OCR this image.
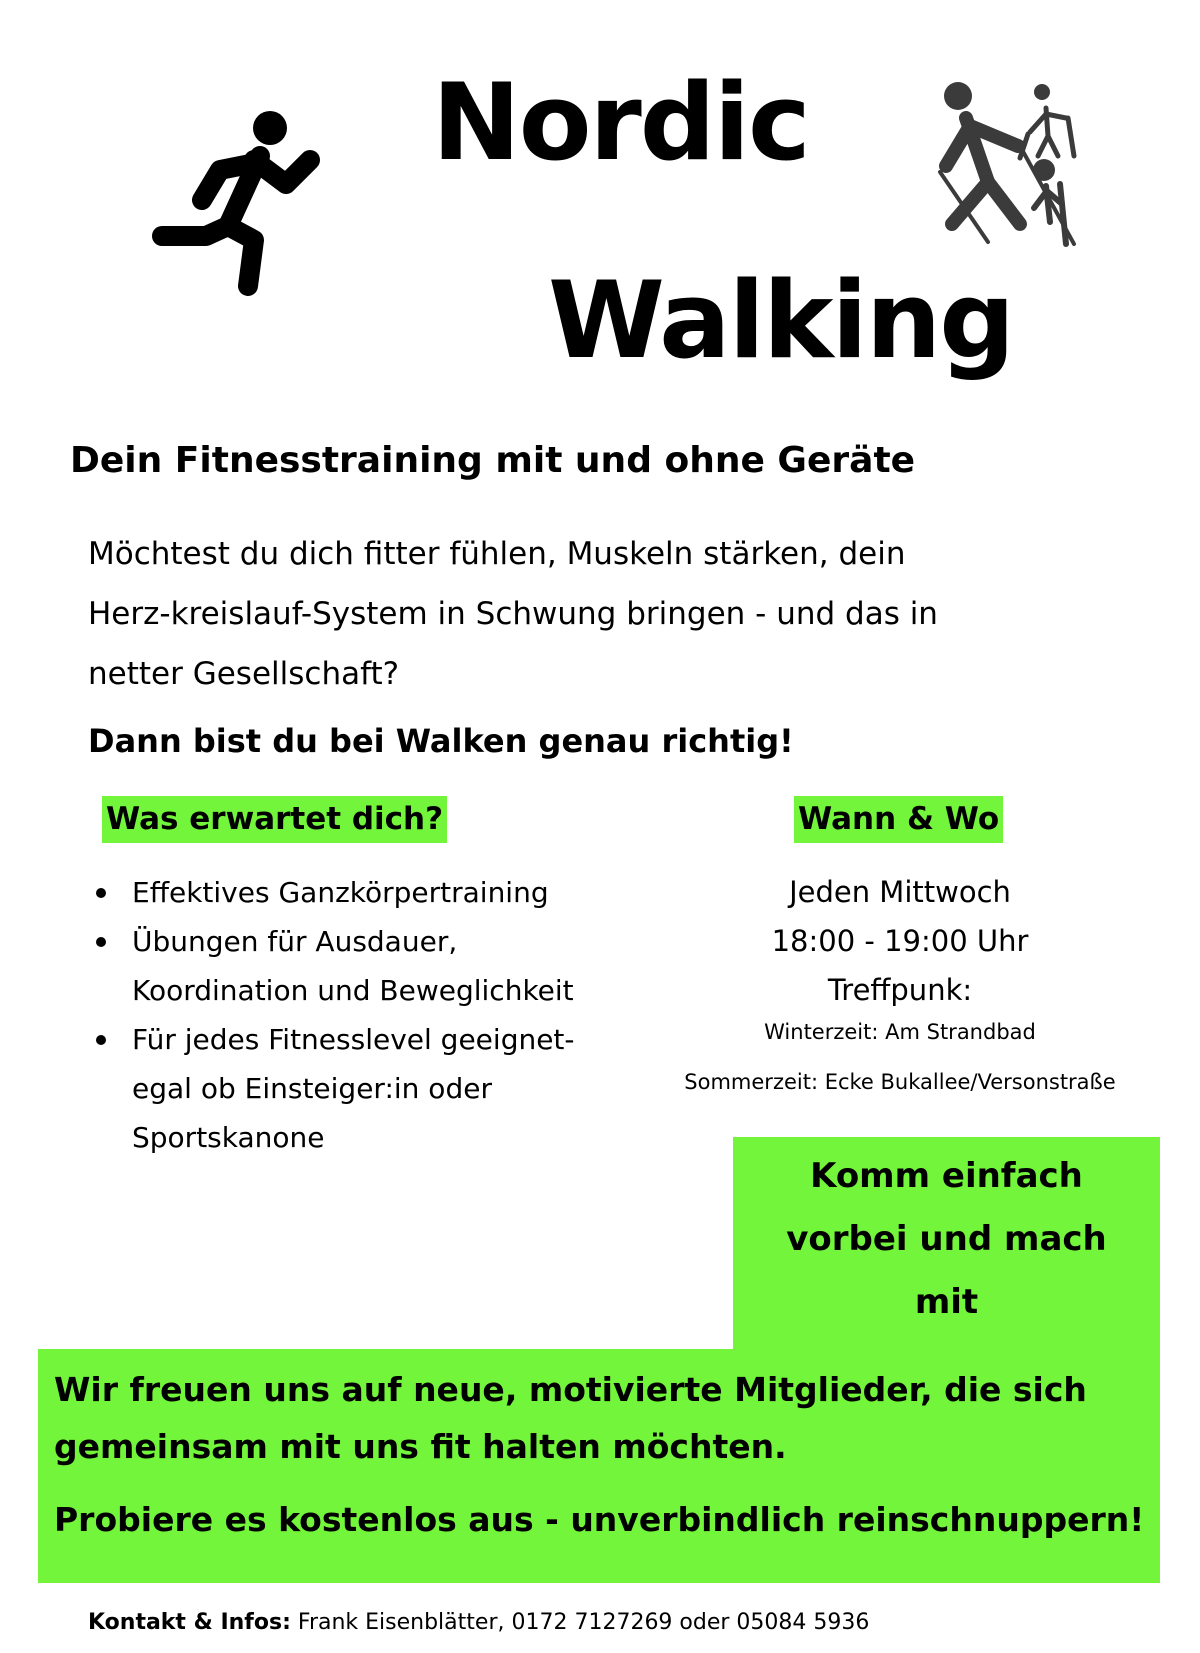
Nordic
Walking
Dein Fitnesstraining mit und ohne Geräte

Möchtest du dich fitter fühlen, Muskeln stärken, dein

Herz-kreislauf-System in Schwung bringen - und das in

netter Gesellschaft?

Dann bist du bei Walken genau richtig!
Was erwartet dich?	Wann & Wo
Effektives Ganzkörpertraining
Übungen für Ausdauer,
Koordination und Beweglichkeit
Für jedes Fitnesslevel geeignet-
egal ob Einsteiger:in oder
Sportskanone
Jeden Mittwoch
18:00 - 19:00 Uhr
Treffpunk:
Winterzeit: Am Strandbad
Sommerzeit: Ecke Bukallee/Versonstraße
Komm einfach
vorbei und mach
mit

Wir freuen uns auf neue, motivierte Mitglieder, die sich

gemeinsam mit uns fit halten möchten.

Probiere es kostenlos aus - unverbindlich reinschnuppern!

Kontakt & Infos: Frank Eisenblätter, 0172 7127269 oder 05084 5936
